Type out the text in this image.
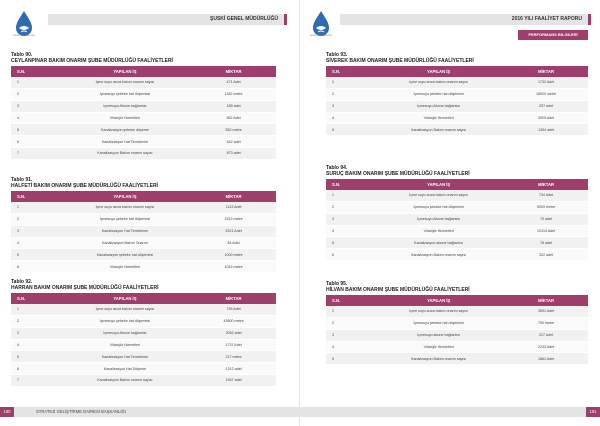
ŞUSKİ
GENEL MÜDÜRLÜĞÜ
ŞUSKİ GENEL MÜDÜRLÜĞÜ
Tablo 90.
CEYLANPINAR BAKIM ONARIM ŞUBE MÜDÜRLÜĞÜ FAALİYETLERİ
S.N.	YAPILAN İŞ	MİKTAR
1	İçme suyu arıza bakım onarım sayısı	471 Adet
2	İçmesuyu şebeke hat döşemesi	1182 metre
3	İçmesuyu Abone bağlantısı	185 adet
4	Vidanjör Hizmetleri	862 Adet
5	Kanalizasyon şebeke döşeme	552 metre
6	Kanalizasyon Hat Temizleme	842 adet
7	Kanalizasyon Bakım onarım sayısı	873 adet
Tablo 91.
HALFETİ BAKIM ONARIM ŞUBE MÜDÜRLÜĞÜ FAALİYETLERİ
S.N.	YAPILAN İŞ	MİKTAR
1	İçme suyu arıza bakım onarım sayısı	1143 Adet
2	İçmesuyu şebeke hat döşemesi	1512 metre
3	Kanalizasyon Hat Temizleme	5321 Adet
4	Kanalizasyon Bakım Onarım	84 Adet
5	Kanalizasyon şebeke hat döşemesi	1000 metre
6	Vidanjör Hizmetleri	1042 metre
Tablo 92.
HARRAN BAKIM ONARIM ŞUBE MÜDÜRLÜĞÜ FAALİYETLERİ
S.N.	YAPILAN İŞ	MİKTAR
1	İçme suyu arıza bakım onarım sayısı	795 Adet
2	İçmesuyu şebeke hat döşemesi	43800 metre
3	İçmesuyu Abone bağlantısı	3052 adet
4	Vidanjör Hizmetleri	1737 Adet
5	Kanalizasyon Hat Temizleme	217 metre
6	Kanalizasyon Hat Döşeme	1212 adet
7	Kanalizasyon Bakım onarım sayısı	1947 adet
STRATEJİ GELİŞTİRME DAİRESİ BAŞKANLIĞI
190
ŞUSKİ
GENEL MÜDÜRLÜĞÜ
2016 YILI FAALİYET RAPORU
PERFORMANS BİLGİLERİ
Tablo 93.
SİVEREK BAKIM ONARIM ŞUBE MÜDÜRLÜĞÜ FAALİYETLERİ
S.N.	YAPILAN İŞ	MİKTAR
1	İçme suyu arıza bakım onarım sayısı	1732 Adet
2	İçmesuyu şebeke hat döşemesi	18920 metre
3	İçmesuyu Abone bağlantısı	257 adet
4	Vidanjör Hizmetleri	3925 Adet
5	Kanalizasyon Bakım onarım sayısı	1354 adet
Tablo 94.
SURUÇ BAKIM ONARIM ŞUBE MÜDÜRLÜĞÜ FAALİYETLERİ
S.N.	YAPILAN İŞ	MİKTAR
1	İçme suyu arıza bakım onarım sayısı	734 Adet
2	İçmesuyu şebeke hat döşemesi	5000 metre
3	İçmesuyu Abone bağlantısı	70 adet
4	Vidanjör Hizmetleri	12414 Adet
5	Kanalizasyon abone bağlantısı	76 adet
6	Kanalizasyon Bakım onarım sayısı	322 adet
Tablo 95.
HİLVAN BAKIM ONARIM ŞUBE MÜDÜRLÜĞÜ FAALİYETLERİ
S.N.	YAPILAN İŞ	MİKTAR
1	İçme suyu arıza bakım onarım sayısı	3591 Adet
2	İçmesuyu şebeke hat döşemesi	750 metre
3	İçmesuyu abone bağlantısı	227 Adet
4	Vidanjör Hizmetleri	2233 Adet
5	Kanalizasyon Bakım onarım sayısı	1861 Adet
191
